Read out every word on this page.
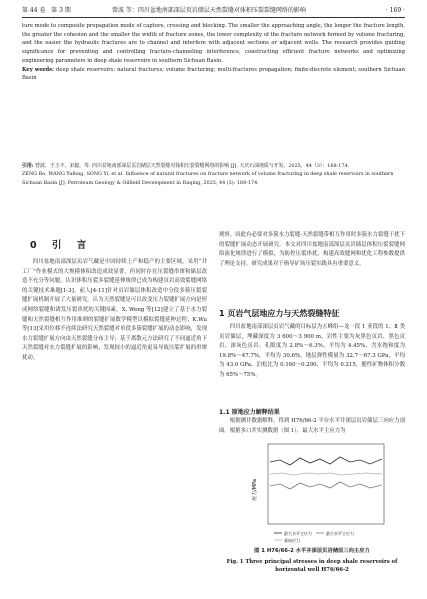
第 44 卷   第 3 期	曾波 等：四川盆地南部深层页岩储层天然裂缝对体积压裂裂缝网络的影响	· 169 ·
ture mode to composite propagation mode of capture, crossing and blocking. The smaller the approaching angle, the longer the fracture length, the greater the cohesion and the smaller the width of fracture zones, the lower complexity of the fracture network formed by volume fracturing, and the easier the hydraulic fractures are to channel and interfere with adjacent sections or adjacent wells. The research provides guiding significance for preventing and controlling fracture-channeling interference, constructing efficient fracture networks and optimizing engineering parameters in deep shale reservoirs in southern Sichuan Basin.
Key words: deep shale reservoirs; natural fractures; volume fracturing; multi-fractures propagation; finite-discrete element; southern Sichuan Basin
引用: 曾波，王玉丰，宋毅，等. 四川盆地南部深层页岩储层天然裂缝对体积压裂裂缝网络的影响 [J]. 大庆石油地质与开发，2025，44（3）：168-174.
ZENG Bo, WANG Yufeng, SONG Yi, et al. Influence of natural fractures on fracture network of volume fracturing in deep shale reservoirs in southern Sichuan Basin [J]. Petroleum Geology & Oilfield Development in Daqing, 2025, 44 (3): 168-174.
0 引 言

四川盆地南部深层页岩气藏是中国持续上产和稳产的主要区域。采用“井工厂”作业模式的大规模体积改造成效显著，但同时存在压裂缝串窜和储层改造不充分等问题。认识体积压裂多裂缝延伸规律已成为构建页岩高效裂缝网络的关键技术难题[1-3]。前人[4-11]针对页岩储层体积改造中分段多簇压裂裂缝扩展机制开展了大量研究。认为天然裂缝是可以改变压力裂缝扩展方向是形成网络裂缝和诱发压裂串扰的关键因素。X. Weng 等[12]建立了基于水力裂缝和天然裂缝相互作用准则的裂缝扩展数学模型以模拟裂缝延伸过程；K.Wu 等[13]采用位移不连续法研究天然裂缝对单段多簇裂缝扩展的动态影响，发现水力裂缝扩展方向由天然裂缝分布主导；基于离散元方法研究了不同逼近角下天然裂缝对水力裂缝扩展的影响，发现较小的逼近角更易导致压裂扩展的串窜扰动。

观察。因此有必要对多簇水力裂缝-天然裂缝带相互作用时多簇水力裂缝干扰下的裂缝扩展动态开展研究。本文对四川盆地南部深层页岩储层体积压裂裂缝网络演化规律进行了模拟，为防控压裂串扰、构建高效缝网和优化工程参数提供了理论支持。研究成果对于指导矿场压裂实践具有重要意义。

1 页岩气层地应力与天然裂缝特征

四川盆地南部深层页岩气藏的目标层为五峰组—龙一段 1 亚段的 1、Ⅱ 类页岩储层，埋藏深度为 3 600～3 900 m，岩性主要为灰黑色页岩、黑色页岩、深灰色页岩。孔隙度为 2.8%～6.3%，平均为 4.45%，含水饱和度为 19.8%～47.7%，平均为 30.6%。地层弹性模量为 32.7～67.3 GPa，平均为 43.0 GPa，泊松比为 0.160～0.290，平均为 0.215，脆性矿物体积分数为 65%～75%。

1.1 原地应力解释结果

根据测井数据解释，得到 H76/66-2 平台水平井深层页岩储层三向应力剖面。根据多口井实测数据（图 1），最大水平主应力为

应力/MPa
最大水平主应力	最小水平主应力
垂向应力
图 1 H76/66-2 水平井深层页岩储层三向主应力
Fig. 1 Three principal stresses in deep shale reservoirs of
horizontal well H76/66-2
